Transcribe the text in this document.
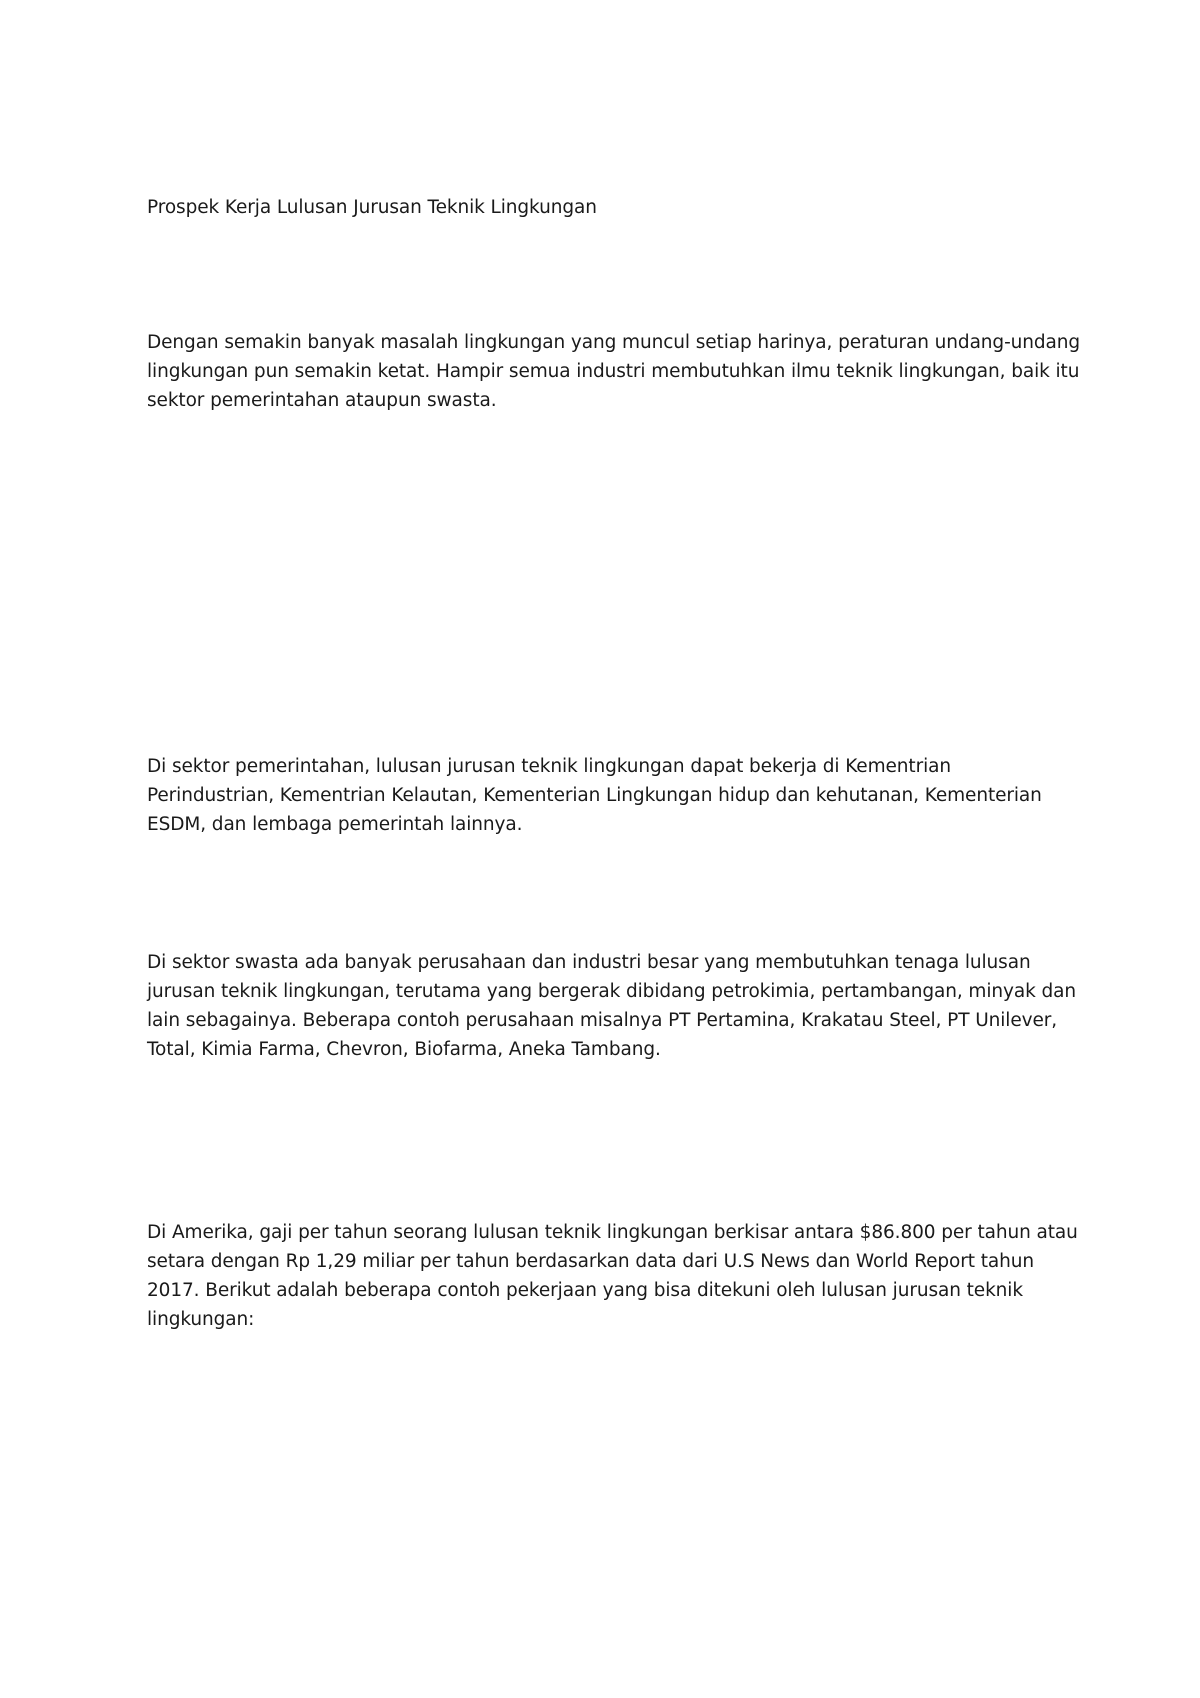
Prospek Kerja Lulusan Jurusan Teknik Lingkungan
Dengan semakin banyak masalah lingkungan yang muncul setiap harinya, peraturan undang-undang
lingkungan pun semakin ketat. Hampir semua industri membutuhkan ilmu teknik lingkungan, baik itu
sektor pemerintahan ataupun swasta.
Di sektor pemerintahan, lulusan jurusan teknik lingkungan dapat bekerja di Kementrian
Perindustrian, Kementrian Kelautan, Kementerian Lingkungan hidup dan kehutanan, Kementerian
ESDM, dan lembaga pemerintah lainnya.
Di sektor swasta ada banyak perusahaan dan industri besar yang membutuhkan tenaga lulusan
jurusan teknik lingkungan, terutama yang bergerak dibidang petrokimia, pertambangan, minyak dan
lain sebagainya. Beberapa contoh perusahaan misalnya PT Pertamina, Krakatau Steel, PT Unilever,
Total, Kimia Farma, Chevron, Biofarma, Aneka Tambang.
Di Amerika, gaji per tahun seorang lulusan teknik lingkungan berkisar antara $86.800 per tahun atau
setara dengan Rp 1,29 miliar per tahun berdasarkan data dari U.S News dan World Report tahun
2017. Berikut adalah beberapa contoh pekerjaan yang bisa ditekuni oleh lulusan jurusan teknik
lingkungan:
